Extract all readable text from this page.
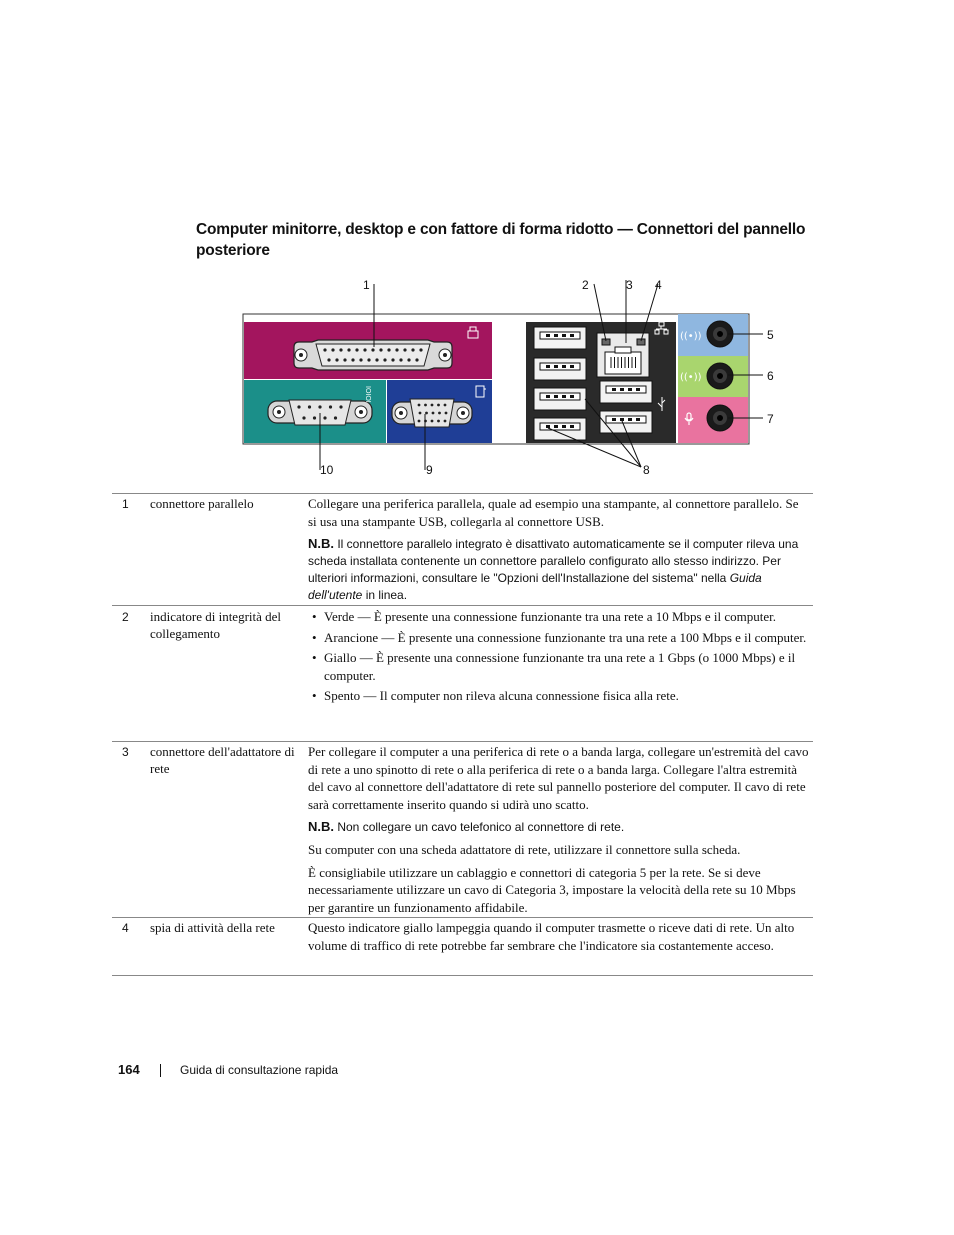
Computer minitorre, desktop e con fattore di forma ridotto — Connettori del pannello posteriore
IOIOI
((•))
((•))
1	2	3 4
5
6
7
8
9
10
1 connettore parallelo	Collegare una periferica parallela, quale ad esempio una stampante, al connettore parallelo. Se si usa una stampante USB, collegarla al connettore USB.

N.B. Il connettore parallelo integrato è disattivato automaticamente se il computer rileva una scheda installata contenente un connettore parallelo configurato allo stesso indirizzo. Per ulteriori informazioni, consultare le "Opzioni dell'Installazione del sistema" nella Guida dell'utente in linea.
2 indicatore di integrità del collegamento
• Verde — È presente una connessione funzionante tra una rete a 10 Mbps e il computer.
• Arancione — È presente una connessione funzionante tra una rete a 100 Mbps e il computer.
• Giallo — È presente una connessione funzionante tra una rete a 1 Gbps (o 1000 Mbps) e il computer.
• Spento — Il computer non rileva alcuna connessione fisica alla rete.
3 connettore dell'adattatore di rete

Per collegare il computer a una periferica di rete o a banda larga, collegare un'estremità del cavo di rete a uno spinotto di rete o alla periferica di rete o a banda larga. Collegare l'altra estremità del cavo al connettore dell'adattatore di rete sul pannello posteriore del computer. Il cavo di rete sarà correttamente inserito quando si udirà uno scatto.

N.B. Non collegare un cavo telefonico al connettore di rete.

Su computer con una scheda adattatore di rete, utilizzare il connettore sulla scheda.

È consigliabile utilizzare un cablaggio e connettori di categoria 5 per la rete. Se si deve necessariamente utilizzare un cavo di Categoria 3, impostare la velocità della rete su 10 Mbps per garantire un funzionamento affidabile.

4 spia di attività della rete	Questo indicatore giallo lampeggia quando il computer trasmette o riceve dati di rete. Un alto volume di traffico di rete potrebbe far sembrare che l'indicatore sia costantemente acceso.

164	Guida di consultazione rapida
